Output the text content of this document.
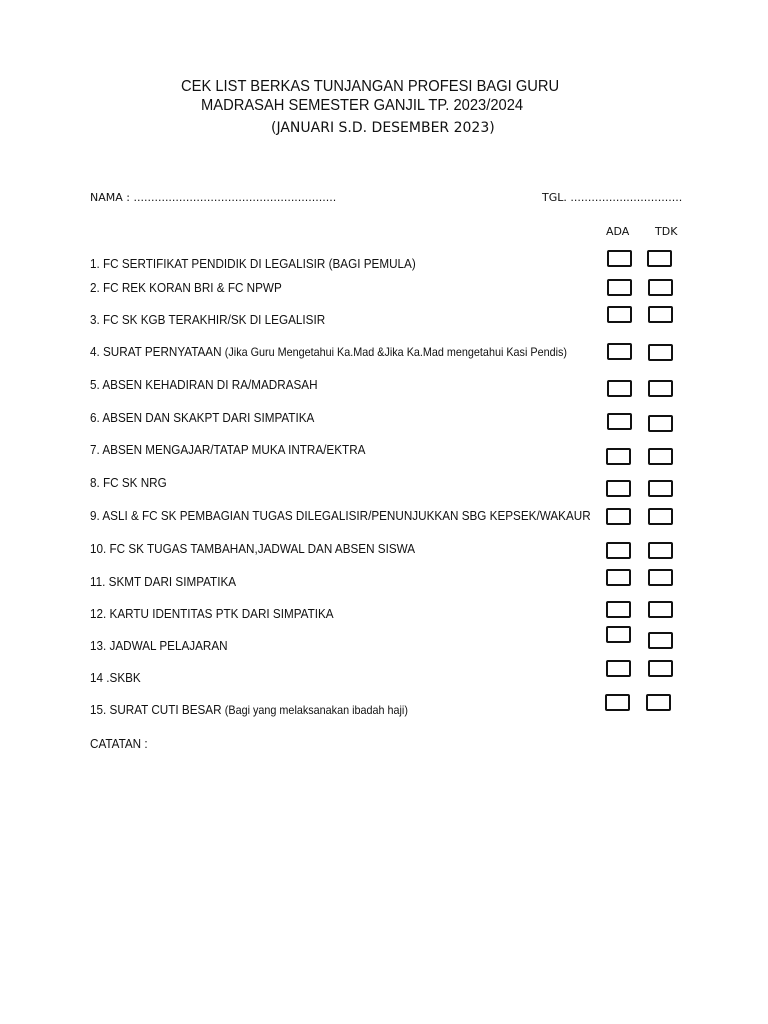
CEK LIST BERKAS TUNJANGAN PROFESI BAGI GURU
MADRASAH SEMESTER GANJIL TP. 2023/2024
(JANUARI S.D. DESEMBER 2023)
NAMA : ..........................................................	TGL. ................................
ADA TDK
1. FC SERTIFIKAT PENDIDIK DI LEGALISIR (BAGI PEMULA)
2. FC REK KORAN BRI & FC NPWP
3. FC SK KGB TERAKHIR/SK DI LEGALISIR
4. SURAT PERNYATAAN (Jika Guru Mengetahui Ka.Mad &Jika Ka.Mad mengetahui Kasi Pendis)
5. ABSEN KEHADIRAN DI RA/MADRASAH
6. ABSEN DAN SKAKPT DARI SIMPATIKA
7. ABSEN MENGAJAR/TATAP MUKA INTRA/EKTRA
8. FC SK NRG
9. ASLI & FC SK PEMBAGIAN TUGAS DILEGALISIR/PENUNJUKKAN SBG KEPSEK/WAKAUR
10. FC SK TUGAS TAMBAHAN,JADWAL DAN ABSEN SISWA
11. SKMT DARI SIMPATIKA
12. KARTU IDENTITAS PTK DARI SIMPATIKA
13. JADWAL PELAJARAN
14 .SKBK
15. SURAT CUTI BESAR (Bagi yang melaksanakan ibadah haji)
CATATAN :
